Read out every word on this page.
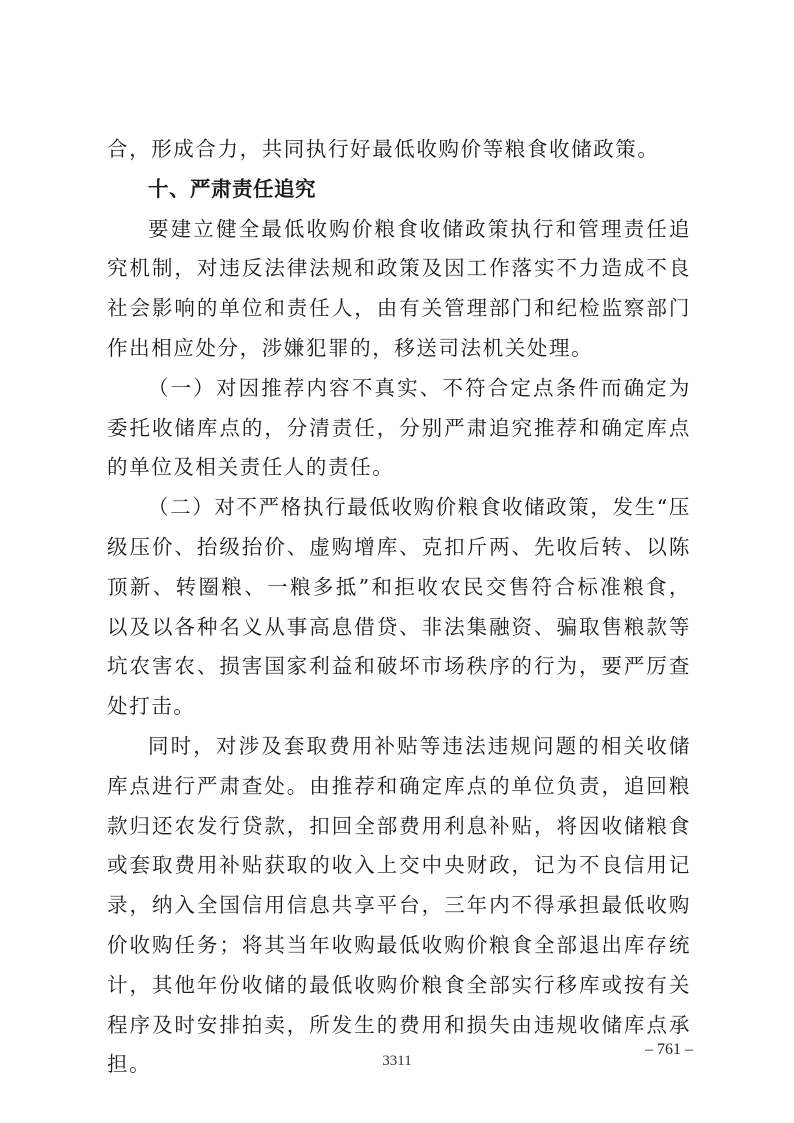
合，形成合力，共同执行好最低收购价等粮食收储政策。

十、严肃责任追究

要建立健全最低收购价粮食收储政策执行和管理责任追究机制，对违反法律法规和政策及因工作落实不力造成不良社会影响的单位和责任人，由有关管理部门和纪检监察部门作出相应处分，涉嫌犯罪的，移送司法机关处理。

（一）对因推荐内容不真实、不符合定点条件而确定为委托收储库点的，分清责任，分别严肃追究推荐和确定库点的单位及相关责任人的责任。

（二）对不严格执行最低收购价粮食收储政策，发生“压级压价、抬级抬价、虚购增库、克扣斤两、先收后转、以陈顶新、转圈粮、一粮多抵”和拒收农民交售符合标准粮食，以及以各种名义从事高息借贷、非法集融资、骗取售粮款等坑农害农、损害国家利益和破坏市场秩序的行为，要严厉查处打击。

同时，对涉及套取费用补贴等违法违规问题的相关收储库点进行严肃查处。由推荐和确定库点的单位负责，追回粮款归还农发行贷款，扣回全部费用利息补贴，将因收储粮食或套取费用补贴获取的收入上交中央财政，记为不良信用记录，纳入全国信用信息共享平台，三年内不得承担最低收购价收购任务；将其当年收购最低收购价粮食全部退出库存统计，其他年份收储的最低收购价粮食全部实行移库或按有关程序及时安排拍卖，所发生的费用和损失由违规收储库点承担。	3311
– 761 –
